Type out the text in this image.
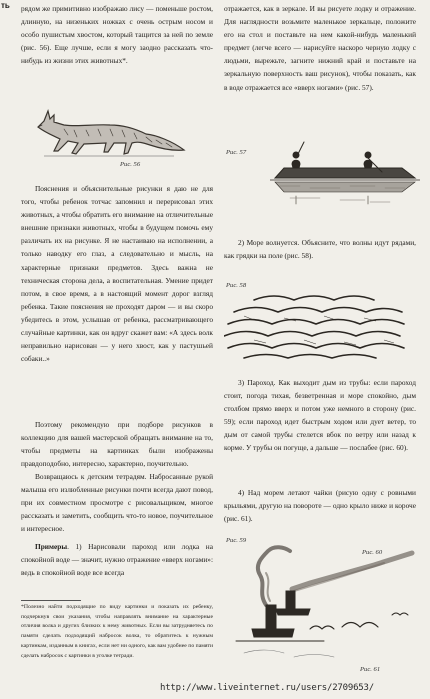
ть рядом же примитивно изображаю лису — поменьше ростом, длинную, на низеньких ножках с очень острым носом и особо пушистым хвостом, который тащится за ней по земле (рис. 56). Еще лучше, если я могу заодно рассказать что-нибудь из жизни этих животных*.

Рис. 56

Пояснения и объяснительные рисунки я даю не для того, чтобы ребенок тотчас запомнил и перерисовал этих животных, а чтобы обратить его внимание на отличительные внешние признаки животных, чтобы в будущем помочь ему различать их на рисунке. Я не настаиваю на исполнении, а только наводку его глаз, а следовательно и мысль, на характерные признаки предметов. Здесь важна не техническая сторона дела, а воспитательная. Умение придет потом, в свое время, а в настоящий момент дорог взгляд ребенка. Такие пояснения не проходят даром — и вы скоро убедитесь в этом, услышав от ребенка, рассматривающего случайные картинки, как он вдруг скажет вам: «А здесь волк неправильно нарисован — у него хвост, как у пастушьей собаки..»

Поэтому рекомендую при подборе рисунков в коллекцию для вашей мастерской обращать внимание на то, чтобы предметы на картинках были изображены правдоподобно, интересно, характерно, поучительно.

Возвращаюсь к детским тетрадям. Набросанные рукой малыша его излюбленные рисунки почти всегда дают повод, при их совместном просмотре с рисовальщиком, многое рассказать и заметить, сообщить что-то новое, поучительное и интересное.

Примеры. 1) Нарисовали пароход или лодка на спокойной воде — значит, нужно отражение «вверх ногами»: ведь в спокойной воде все всегда

*Полезно найти подходящие по виду картинки и показать их ребенку, подчеркнув свои указания, чтобы направлять внимание на характерные отличия волка и других близких к нему животных. Если вы затрудняетесь по памяти сделать подходящий набросок волка, то обратитесь к нужным картинкам, изданным в книгах, если нет ни одного, как вам удобнее по памяти сделать набросок с картинки в уголке тетради.

отражается, как в зеркале. И вы рисуете лодку и отражение. Для наглядности возьмите маленькое зеркальце, положите его на стол и поставьте на нем какой-нибудь маленький предмет (легче всего — нарисуйте наскоро черную лодку с людьми, вырежьте, загните нижний край и поставьте на зеркальную поверхность ваш рисунок), чтобы показать, как в воде отражается все «вверх ногами» (рис. 57).

Рис. 57

2) Море волнуется. Объясните, что волны идут рядами, как грядки на поле (рис. 58).

Рис. 58

3) Пароход. Как выходит дым из трубы: если пароход стоит, погода тихая, безветренная и море спокойно, дым столбом прямо вверх и потом уже немного в сторону (рис. 59); если пароход идет быстрым ходом или дует ветер, то дым от самой трубы стелется вбок по ветру или назад к корме. У трубы он погуще, а дальше — послабее (рис. 60).

4) Над морем летают чайки (рисую одну с ровными крыльями, другую на повороте — одно крыло ниже и короче (рис. 61).

Рис. 59
Рис. 60
Рис. 61
http://www.liveinternet.ru/users/2709653/
